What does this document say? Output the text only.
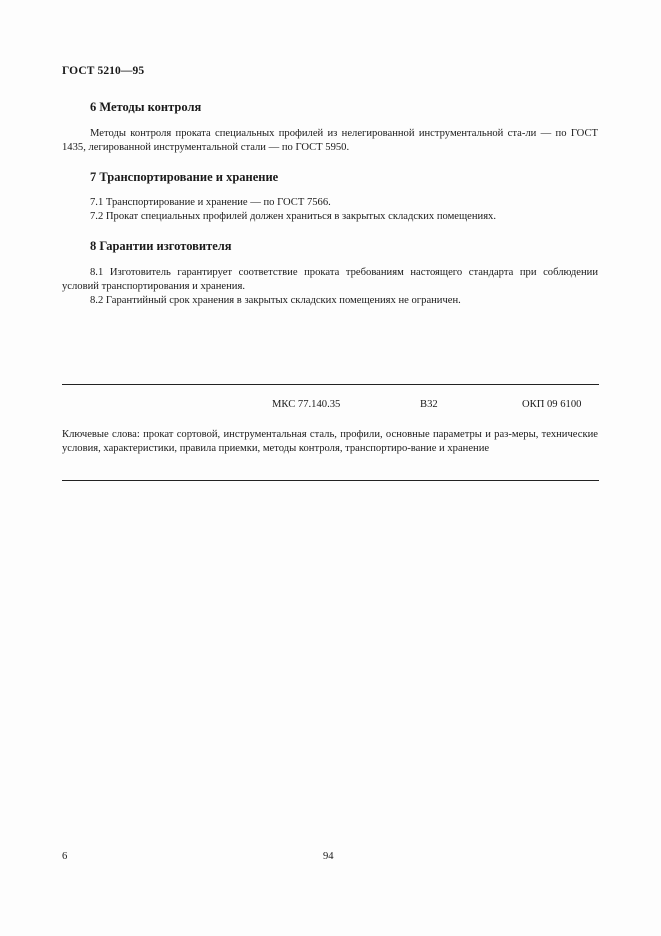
ГОСТ 5210—95
6 Методы контроля

Методы контроля проката специальных профилей из нелегированной инструментальной ста-ли — по ГОСТ 1435, легированной инструментальной стали — по ГОСТ 5950.

7 Транспортирование и хранение

7.1 Транспортирование и хранение — по ГОСТ 7566.

7.2 Прокат специальных профилей должен храниться в закрытых складских помещениях.

8 Гарантии изготовителя

8.1 Изготовитель гарантирует соответствие проката требованиям настоящего стандарта при соблюдении условий транспортирования и хранения.

8.2 Гарантийный срок хранения в закрытых складских помещениях не ограничен.

МКС 77.140.35	В32	ОКП 09 6100
Ключевые слова: прокат сортовой, инструментальная сталь, профили, основные параметры и раз-меры, технические условия, характеристики, правила приемки, методы контроля, транспортиро-вание и хранение
6	94
